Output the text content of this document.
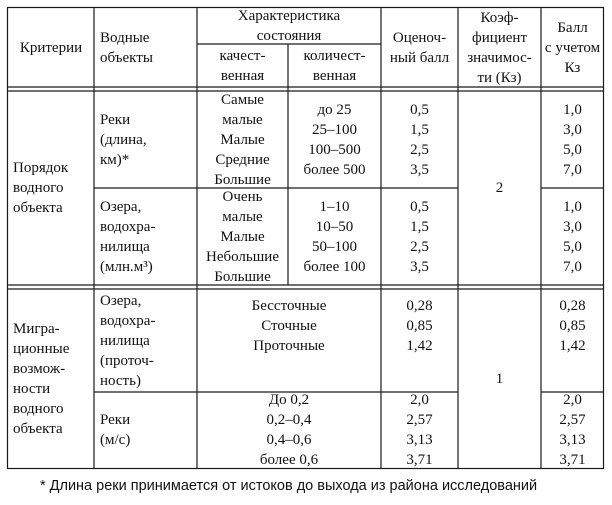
Критерии
Водные
объекты
Характеристика
состояния
качест-
венная
количест-
венная
Оценоч-
ный балл
Коэф-
фициент
значимос-
ти (Кз)
Балл
с учетом
Кз
Порядок
водного
объекта
2
Реки
(длина,
км)*
Самые
малые
Малые
Средние
Большие
до 25
25–100
100–500
более 500
0,5
1,5
2,5
3,5
1,0
3,0
5,0
7,0
Озера,
водохра-
нилища
(млн.м³)
Очень
малые
Малые
Небольшие
Большие
1–10
10–50
50–100
более 100
0,5
1,5
2,5
3,5
1,0
3,0
5,0
7,0
Мигра-
ционные
возмож-
ности
водного
объекта
1
Озера,
водохра-
нилища
(проточ-
ность)
Бессточные
Сточные
Проточные
0,28
0,85
1,42
0,28
0,85
1,42
Реки
(м/с)
До 0,2
0,2–0,4
0,4–0,6
более 0,6
2,0
2,57
3,13
3,71
2,0
2,57
3,13
3,71
* Длина реки принимается от истоков до выхода из района исследований
